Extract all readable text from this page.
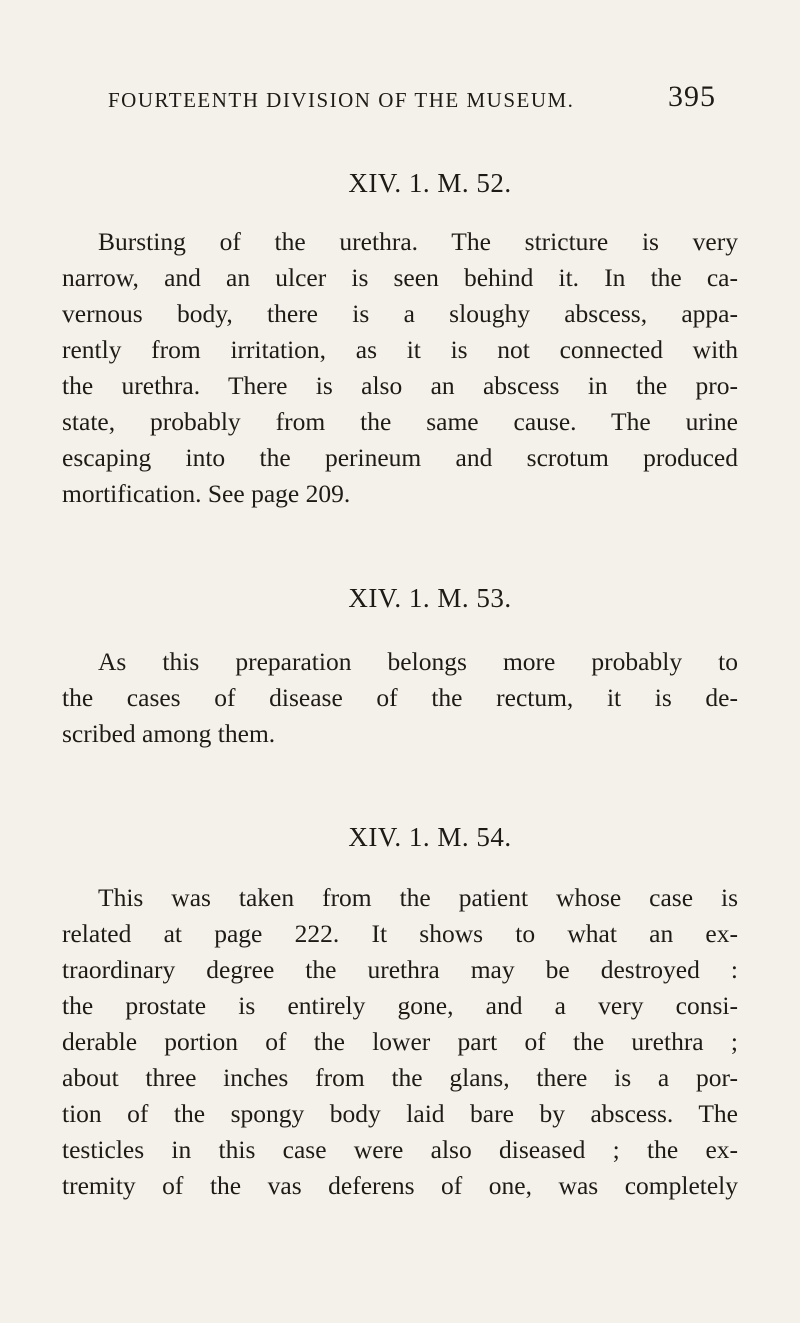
FOURTEENTH DIVISION OF THE MUSEUM.	395
XIV. 1. M. 52.
Bursting of the urethra. The stricture is very
narrow, and an ulcer is seen behind it. In the ca-
vernous body, there is a sloughy abscess, appa-
rently from irritation, as it is not connected with
the urethra. There is also an abscess in the pro-
state, probably from the same cause. The urine
escaping into the perineum and scrotum produced
mortification. See page 209.
XIV. 1. M. 53.
As this preparation belongs more probably to
the cases of disease of the rectum, it is de-
scribed among them.
XIV. 1. M. 54.
This was taken from the patient whose case is
related at page 222. It shows to what an ex-
traordinary degree the urethra may be destroyed :
the prostate is entirely gone, and a very consi-
derable portion of the lower part of the urethra ;
about three inches from the glans, there is a por-
tion of the spongy body laid bare by abscess. The
testicles in this case were also diseased ; the ex-
tremity of the vas deferens of one, was completely
